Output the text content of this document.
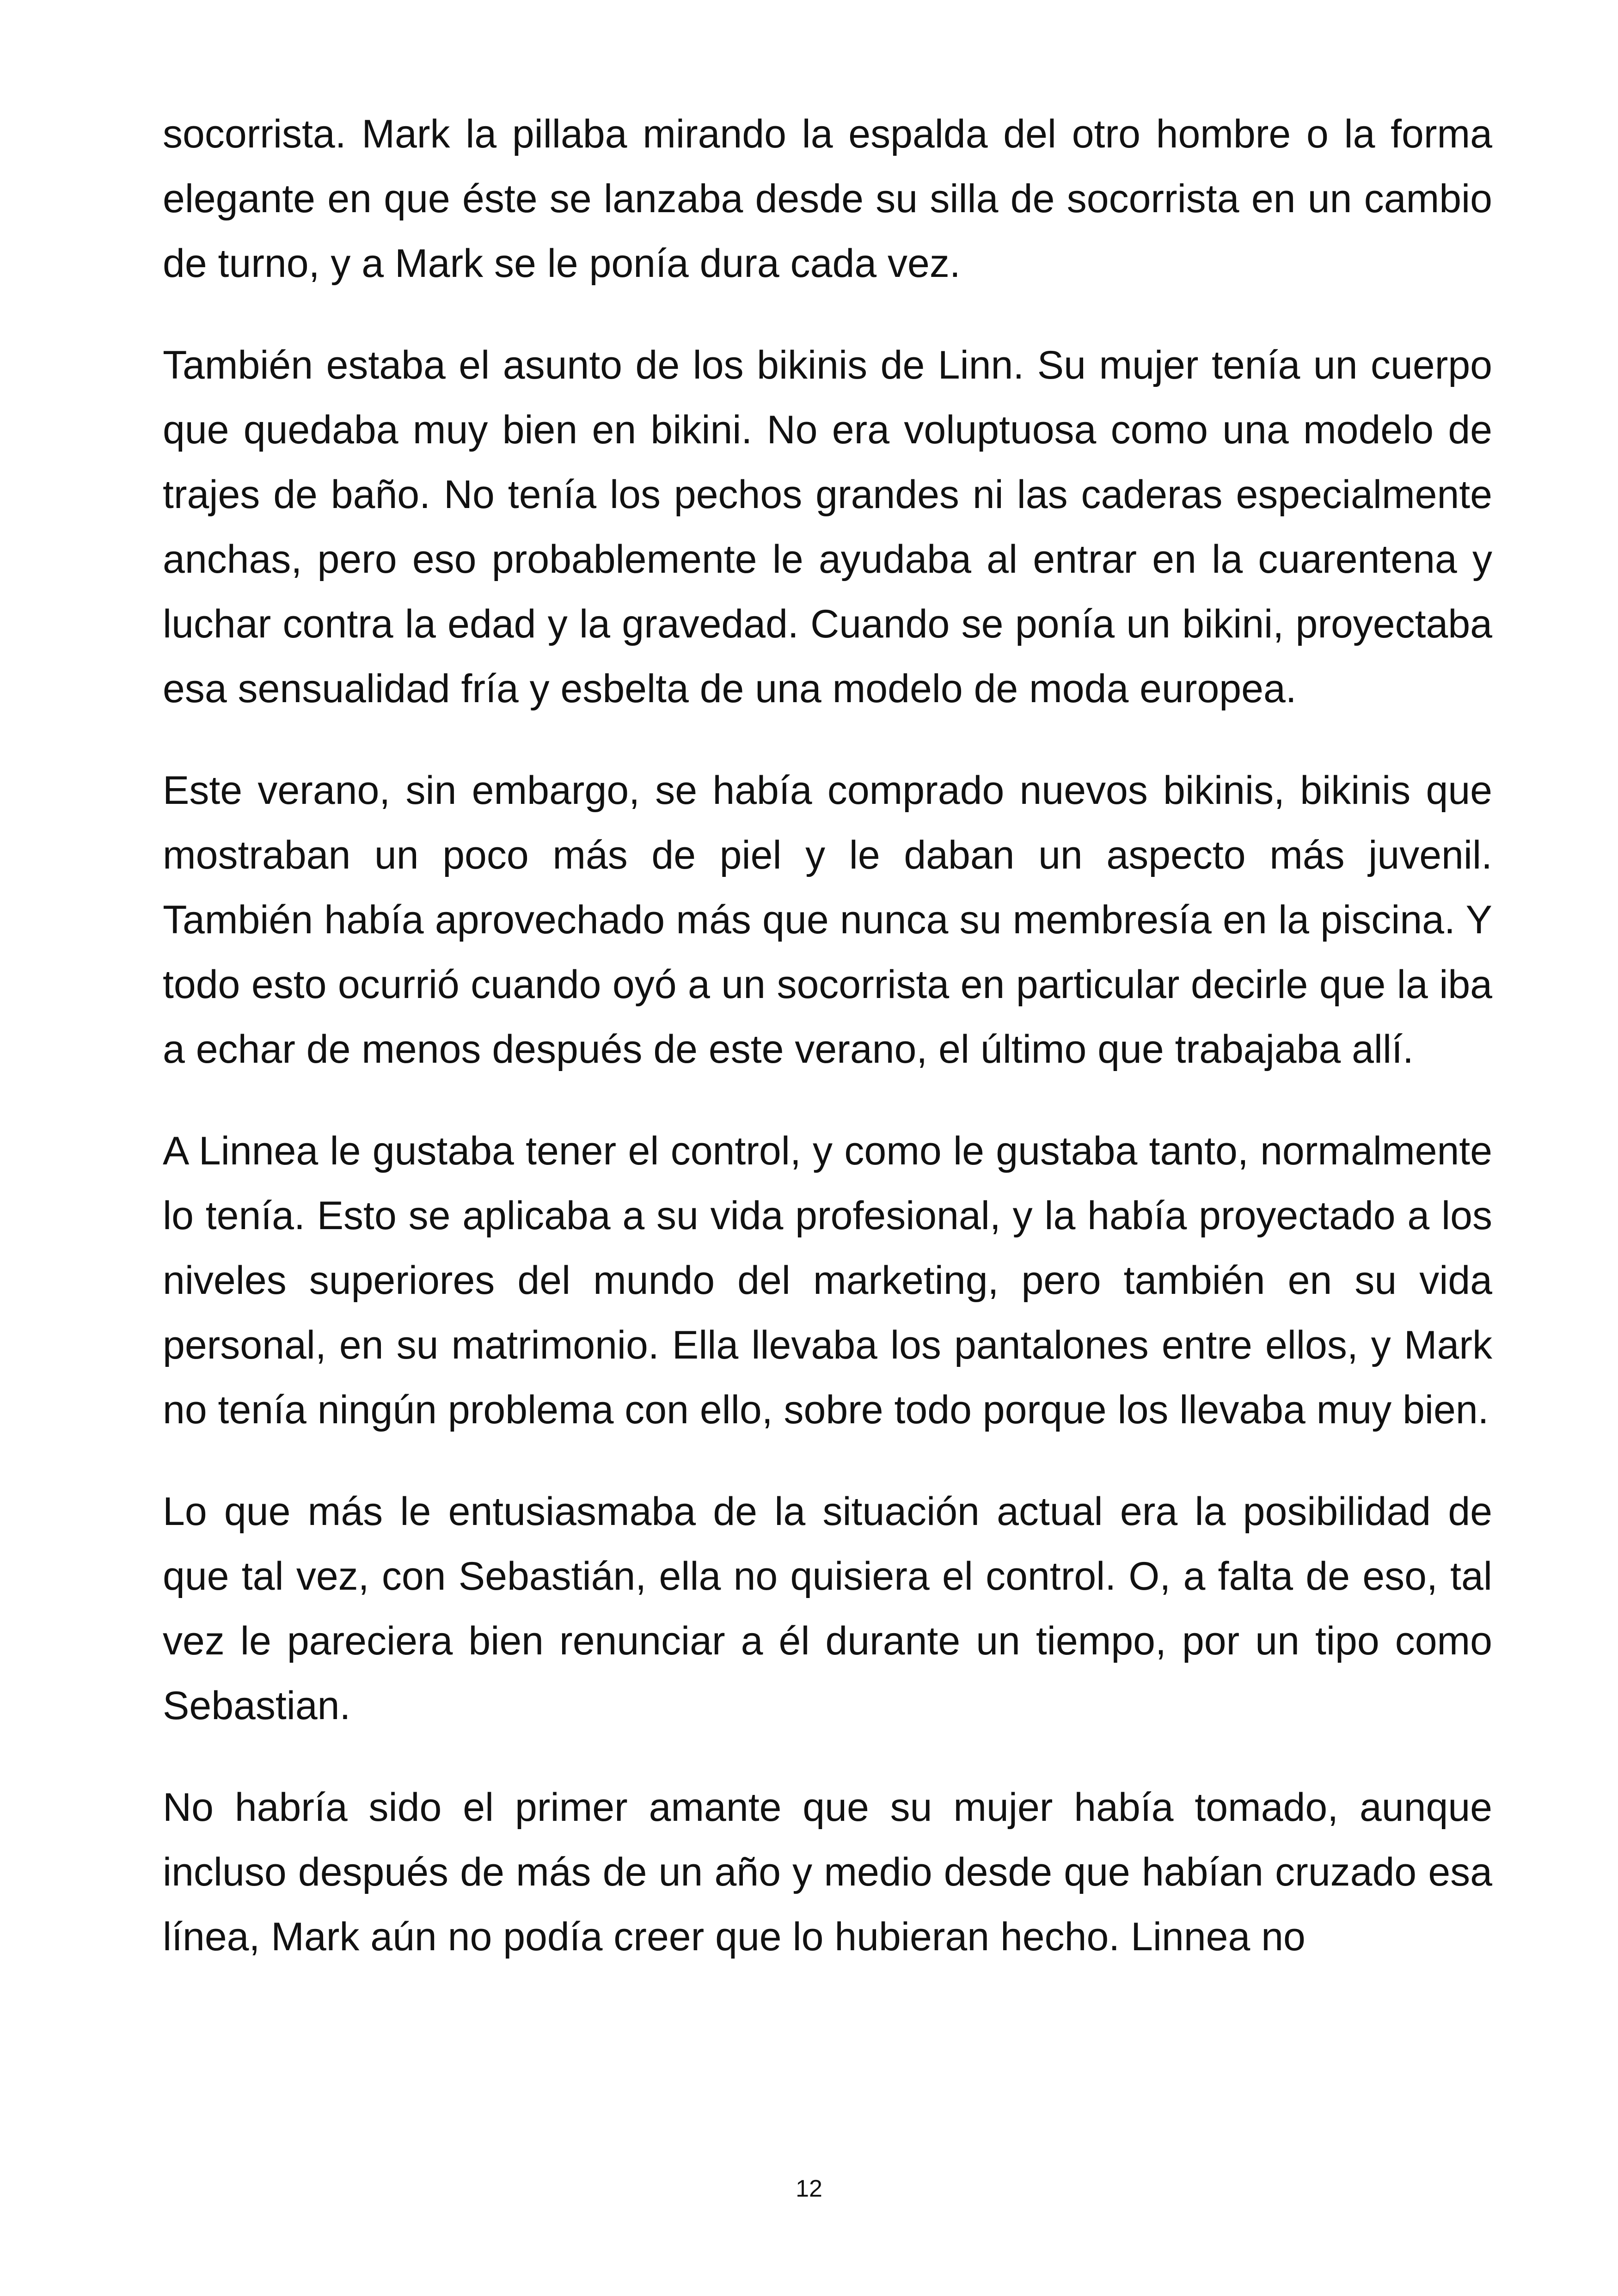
socorrista. Mark la pillaba mirando la espalda del otro hombre o la forma elegante en que éste se lanzaba desde su silla de socorrista en un cambio de turno, y a Mark se le ponía dura cada vez.

También estaba el asunto de los bikinis de Linn. Su mujer tenía un cuerpo que quedaba muy bien en bikini. No era voluptuosa como una modelo de trajes de baño. No tenía los pechos grandes ni las caderas especialmente anchas, pero eso probablemente le ayudaba al entrar en la cuarentena y luchar contra la edad y la gravedad. Cuando se ponía un bikini, proyectaba esa sensualidad fría y esbelta de una modelo de moda europea.

Este verano, sin embargo, se había comprado nuevos bikinis, bikinis que mostraban un poco más de piel y le daban un aspecto más juvenil. También había aprovechado más que nunca su membresía en la piscina. Y todo esto ocurrió cuando oyó a un socorrista en particular decirle que la iba a echar de menos después de este verano, el último que trabajaba allí.

A Linnea le gustaba tener el control, y como le gustaba tanto, normalmente lo tenía. Esto se aplicaba a su vida profesional, y la había proyectado a los niveles superiores del mundo del marketing, pero también en su vida personal, en su matrimonio. Ella llevaba los pantalones entre ellos, y Mark no tenía ningún problema con ello, sobre todo porque los llevaba muy bien.

Lo que más le entusiasmaba de la situación actual era la posibilidad de que tal vez, con Sebastián, ella no quisiera el control. O, a falta de eso, tal vez le pareciera bien renunciar a él durante un tiempo, por un tipo como Sebastian.

No habría sido el primer amante que su mujer había tomado, aunque incluso después de más de un año y medio desde que habían cruzado esa línea, Mark aún no podía creer que lo hubieran hecho. Linnea no

12
